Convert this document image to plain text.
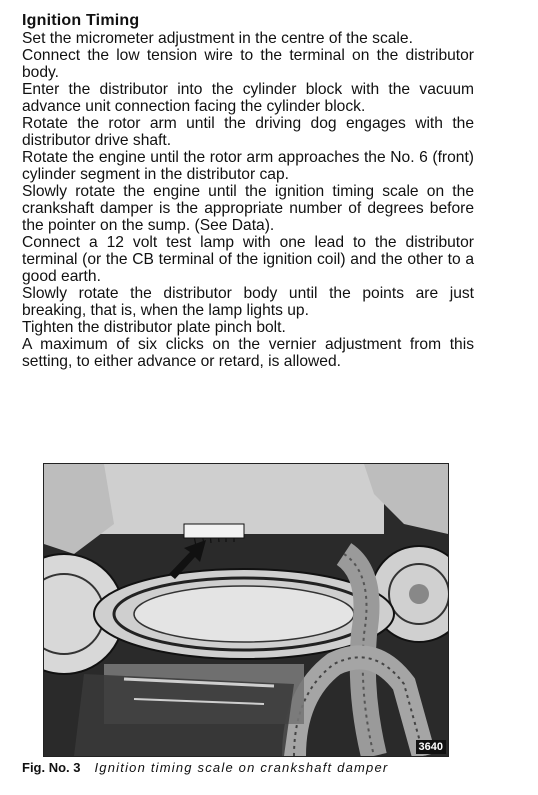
Ignition Timing

Set the micrometer adjustment in the centre of the scale.

Connect the low tension wire to the terminal on the distributor body.

Enter the distributor into the cylinder block with the vacuum advance unit connection facing the cylinder block.

Rotate the rotor arm until the driving dog engages with the distributor drive shaft.

Rotate the engine until the rotor arm approaches the No. 6 (front) cylinder segment in the distributor cap.

Slowly rotate the engine until the ignition timing scale on the crankshaft damper is the appropriate number of degrees before the pointer on the sump. (See Data).

Connect a 12 volt test lamp with one lead to the distributor terminal (or the CB terminal of the ignition coil) and the other to a good earth.

Slowly rotate the distributor body until the points are just breaking, that is, when the lamp lights up.

Tighten the distributor plate pinch bolt.

A maximum of six clicks on the vernier adjustment from this setting, to either advance or retard, is allowed.

3640
Fig. No. 3 Ignition timing scale on crankshaft damper
